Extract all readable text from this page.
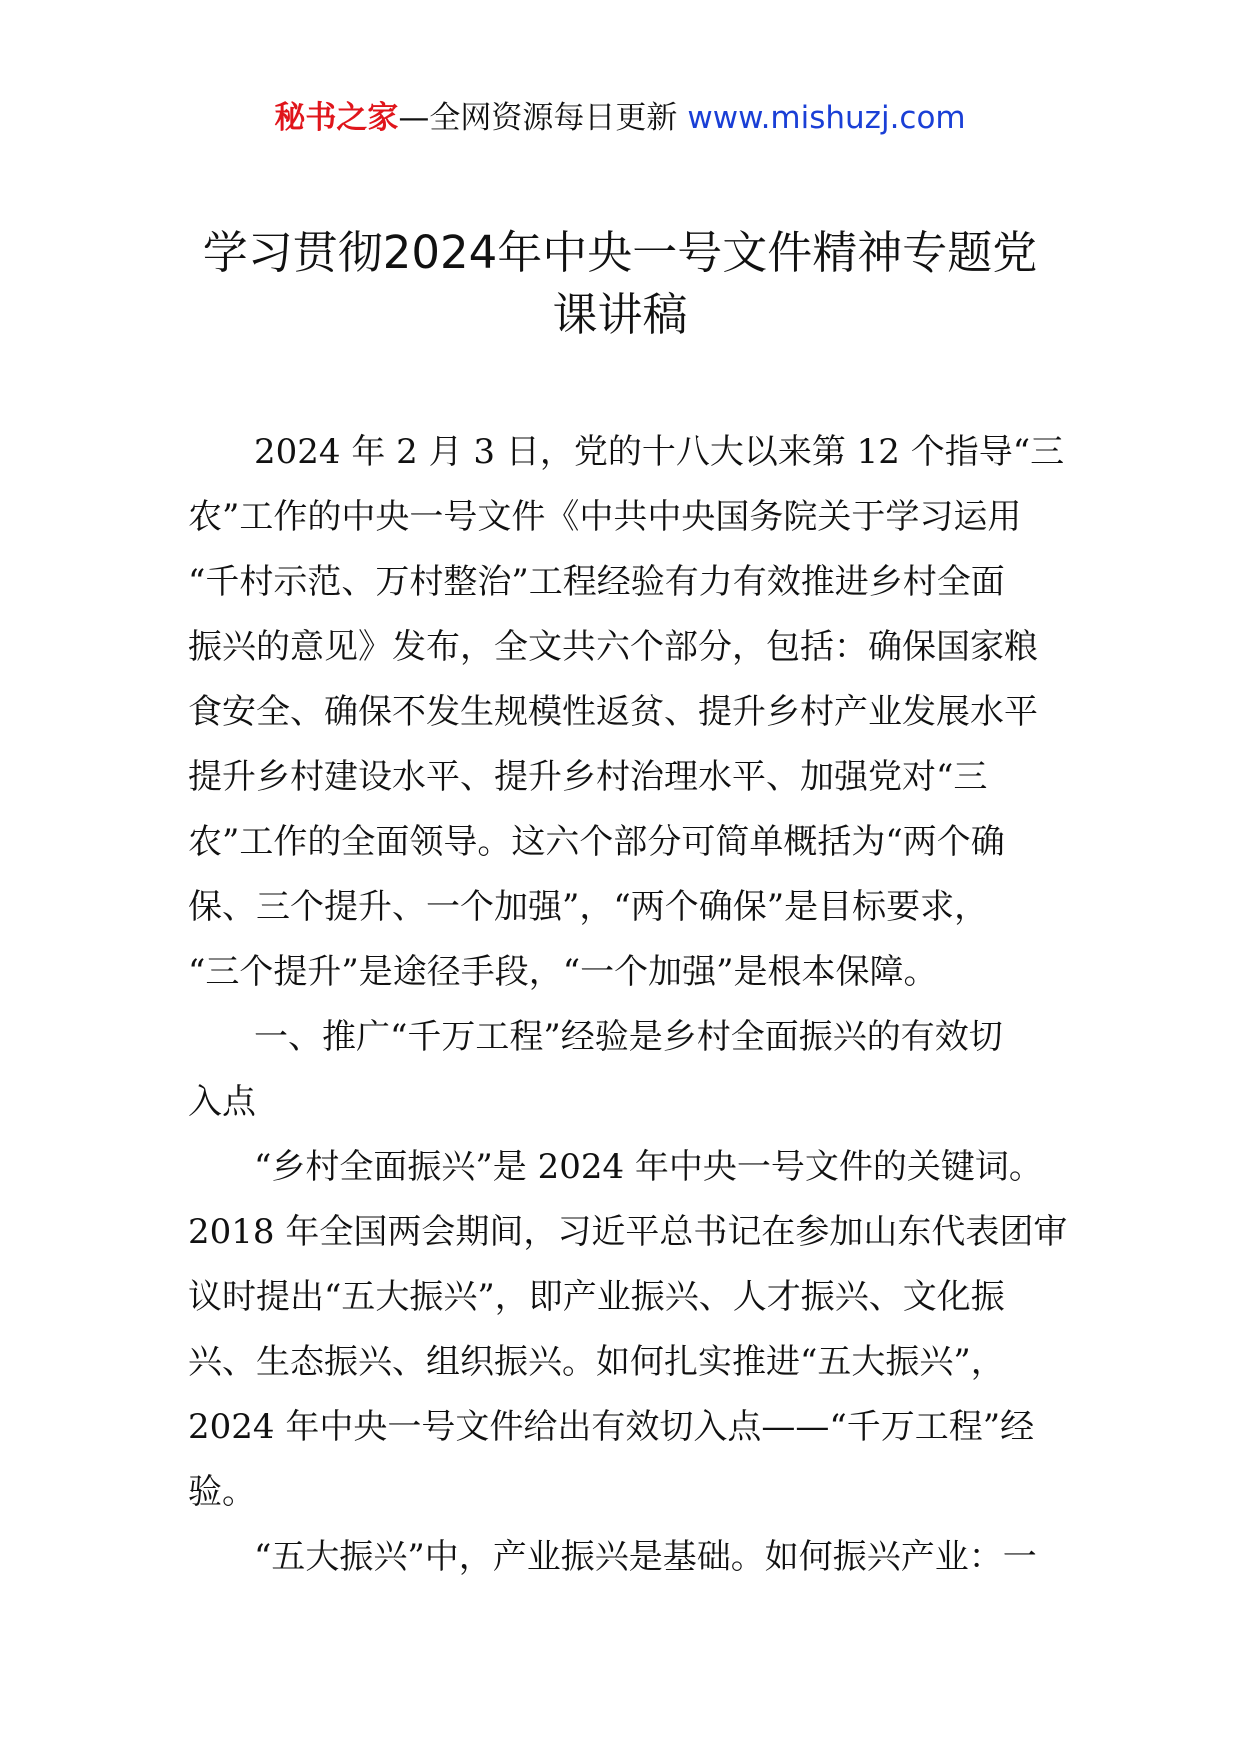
秘书之家—全网资源每日更新 www.mishuzj.com
学习贯彻2024年中央一号文件精神专题党
课讲稿
2024 年 2 月 3 日，党的十八大以来第 12 个指导“三
农”工作的中央一号文件《中共中央国务院关于学习运用
“千村示范、万村整治”工程经验有力有效推进乡村全面
振兴的意见》发布，全文共六个部分，包括：确保国家粮
食安全、确保不发生规模性返贫、提升乡村产业发展水平
提升乡村建设水平、提升乡村治理水平、加强党对“三
农”工作的全面领导。这六个部分可简单概括为“两个确
保、三个提升、一个加强”，“两个确保”是目标要求，
“三个提升”是途径手段，“一个加强”是根本保障。
一、推广“千万工程”经验是乡村全面振兴的有效切
入点
“乡村全面振兴”是 2024 年中央一号文件的关键词。
2018 年全国两会期间，习近平总书记在参加山东代表团审
议时提出“五大振兴”，即产业振兴、人才振兴、文化振
兴、生态振兴、组织振兴。如何扎实推进“五大振兴”，
2024 年中央一号文件给出有效切入点——“千万工程”经
验。
“五大振兴”中，产业振兴是基础。如何振兴产业：一
